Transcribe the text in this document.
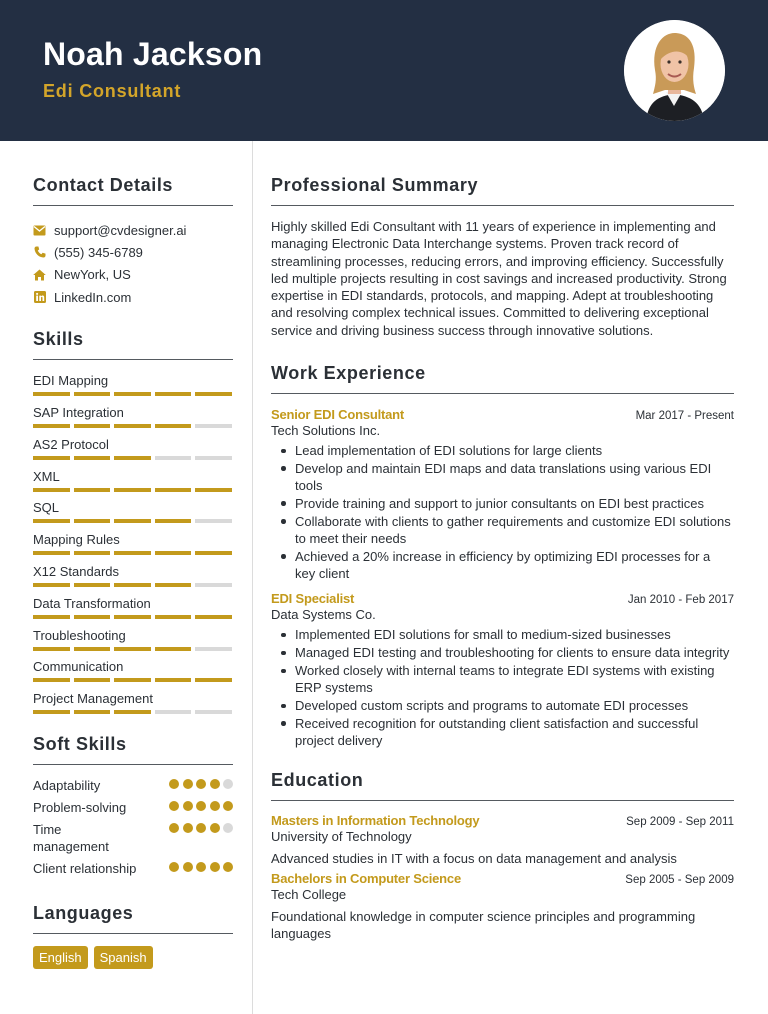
Noah Jackson
Edi Consultant
Contact Details
support@cvdesigner.ai
(555) 345-6789
NewYork, US
LinkedIn.com
Skills
EDI Mapping
SAP Integration
AS2 Protocol
XML
SQL
Mapping Rules
X12 Standards
Data Transformation
Troubleshooting
Communication
Project Management
Soft Skills
Adaptability
Problem-solving
Time management
Client relationship
Languages
English	Spanish
Professional Summary
Highly skilled Edi Consultant with 11 years of experience in implementing and managing Electronic Data Interchange systems. Proven track record of streamlining processes, reducing errors, and improving efficiency. Successfully led multiple projects resulting in cost savings and increased productivity. Strong expertise in EDI standards, protocols, and mapping. Adept at troubleshooting and resolving complex technical issues. Committed to delivering exceptional service and driving business success through innovative solutions.
Work Experience
Senior EDI Consultant	Mar 2017 - Present
Tech Solutions Inc.
Lead implementation of EDI solutions for large clients
Develop and maintain EDI maps and data translations using various EDI tools
Provide training and support to junior consultants on EDI best practices
Collaborate with clients to gather requirements and customize EDI solutions to meet their needs
Achieved a 20% increase in efficiency by optimizing EDI processes for a key client
EDI Specialist	Jan 2010 - Feb 2017
Data Systems Co.
Implemented EDI solutions for small to medium-sized businesses
Managed EDI testing and troubleshooting for clients to ensure data integrity
Worked closely with internal teams to integrate EDI systems with existing ERP systems
Developed custom scripts and programs to automate EDI processes
Received recognition for outstanding client satisfaction and successful project delivery
Education
Masters in Information Technology	Sep 2009 - Sep 2011
University of Technology
Advanced studies in IT with a focus on data management and analysis
Bachelors in Computer Science	Sep 2005 - Sep 2009
Tech College
Foundational knowledge in computer science principles and programming languages
